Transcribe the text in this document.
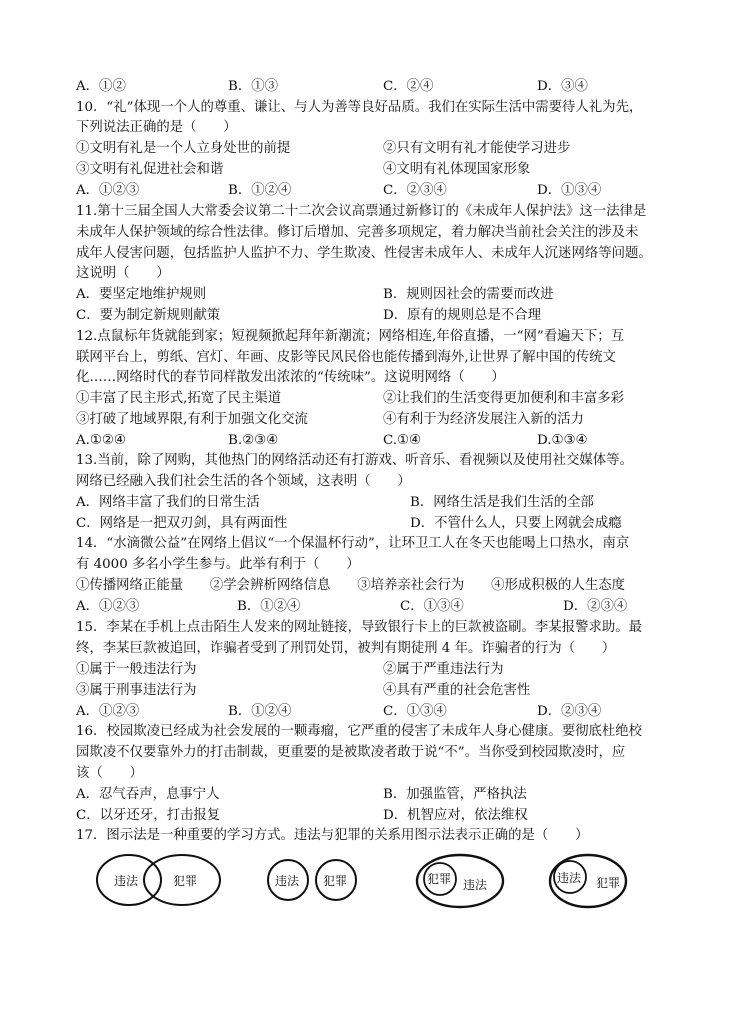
A．①②	B．①③	C．②④	D．③④
10．“礼”体现一个人的尊重、谦让、与人为善等良好品质。我们在实际生活中需要待人礼为先，
下列说法正确的是（　　）
①文明有礼是一个人立身处世的前提	②只有文明有礼才能使学习进步
③文明有礼促进社会和谐	④文明有礼体现国家形象
A．①②③	B．①②④	C．②③④	D．①③④
11.第十三届全国人大常委会议第二十二次会议高票通过新修订的《未成年人保护法》这一法律是
未成年人保护领域的综合性法律。修订后增加、完善多项规定，着力解决当前社会关注的涉及未
成年人侵害问题，包括监护人监护不力、学生欺凌、性侵害未成年人、未成年人沉迷网络等问题。
这说明（　　）
A．要坚定地维护规则	B．规则因社会的需要而改进
C．要为制定新规则献策	D．原有的规则总是不合理
12.点鼠标年货就能到家；短视频掀起拜年新潮流；网络相连,年俗直播，一“网”看遍天下；互
联网平台上，剪纸、宫灯、年画、皮影等民风民俗也能传播到海外,让世界了解中国的传统文
化……网络时代的春节同样散发出浓浓的“传统味”。这说明网络（　　）
①丰富了民主形式,拓宽了民主渠道	②让我们的生活变得更加便利和丰富多彩
③打破了地域界限,有利于加强文化交流	④有利于为经济发展注入新的活力
A.①②④	B.②③④	C.①④	D.①③④
13.当前，除了网购，其他热门的网络活动还有打游戏、听音乐、看视频以及使用社交媒体等。
网络已经融入我们社会生活的各个领域，这表明（　　）
A．网络丰富了我们的日常生活	B．网络生活是我们生活的全部
C．网络是一把双刃剑，具有两面性	D．不管什么人，只要上网就会成瘾
14．“水滴微公益”在网络上倡议“一个保温杯行动”，让环卫工人在冬天也能喝上口热水，南京
有 4000 多名小学生参与。此举有利于（　　）
①传播网络正能量　　②学会辨析网络信息　　③培养亲社会行为　　④形成积极的人生态度
A．①②③	B．①②④	C．①③④	D．②③④
15．李某在手机上点击陌生人发来的网址链接，导致银行卡上的巨款被盗刷。李某报警求助。最
终，李某巨款被追回，诈骗者受到了刑罚处罚，被判有期徒刑 4 年。诈骗者的行为（　　）
①属于一般违法行为	②属于严重违法行为
③属于刑事违法行为	④具有严重的社会危害性
A．①②③	B．①②④	C．①③④	D．②③④
16．校园欺凌已经成为社会发展的一颗毒瘤，它严重的侵害了未成年人身心健康。要彻底杜绝校
园欺凌不仅要靠外力的打击制裁，更重要的是被欺凌者敢于说“不”。当你受到校园欺凌时，应
该（　　）
A．忍气吞声，息事宁人	B．加强监管，严格执法
C．以牙还牙，打击报复	D．机智应对，依法维权
17．图示法是一种重要的学习方式。违法与犯罪的关系用图示法表示正确的是（　　）
违法	犯罪	违法 犯罪	犯罪 违法	违法 犯罪
